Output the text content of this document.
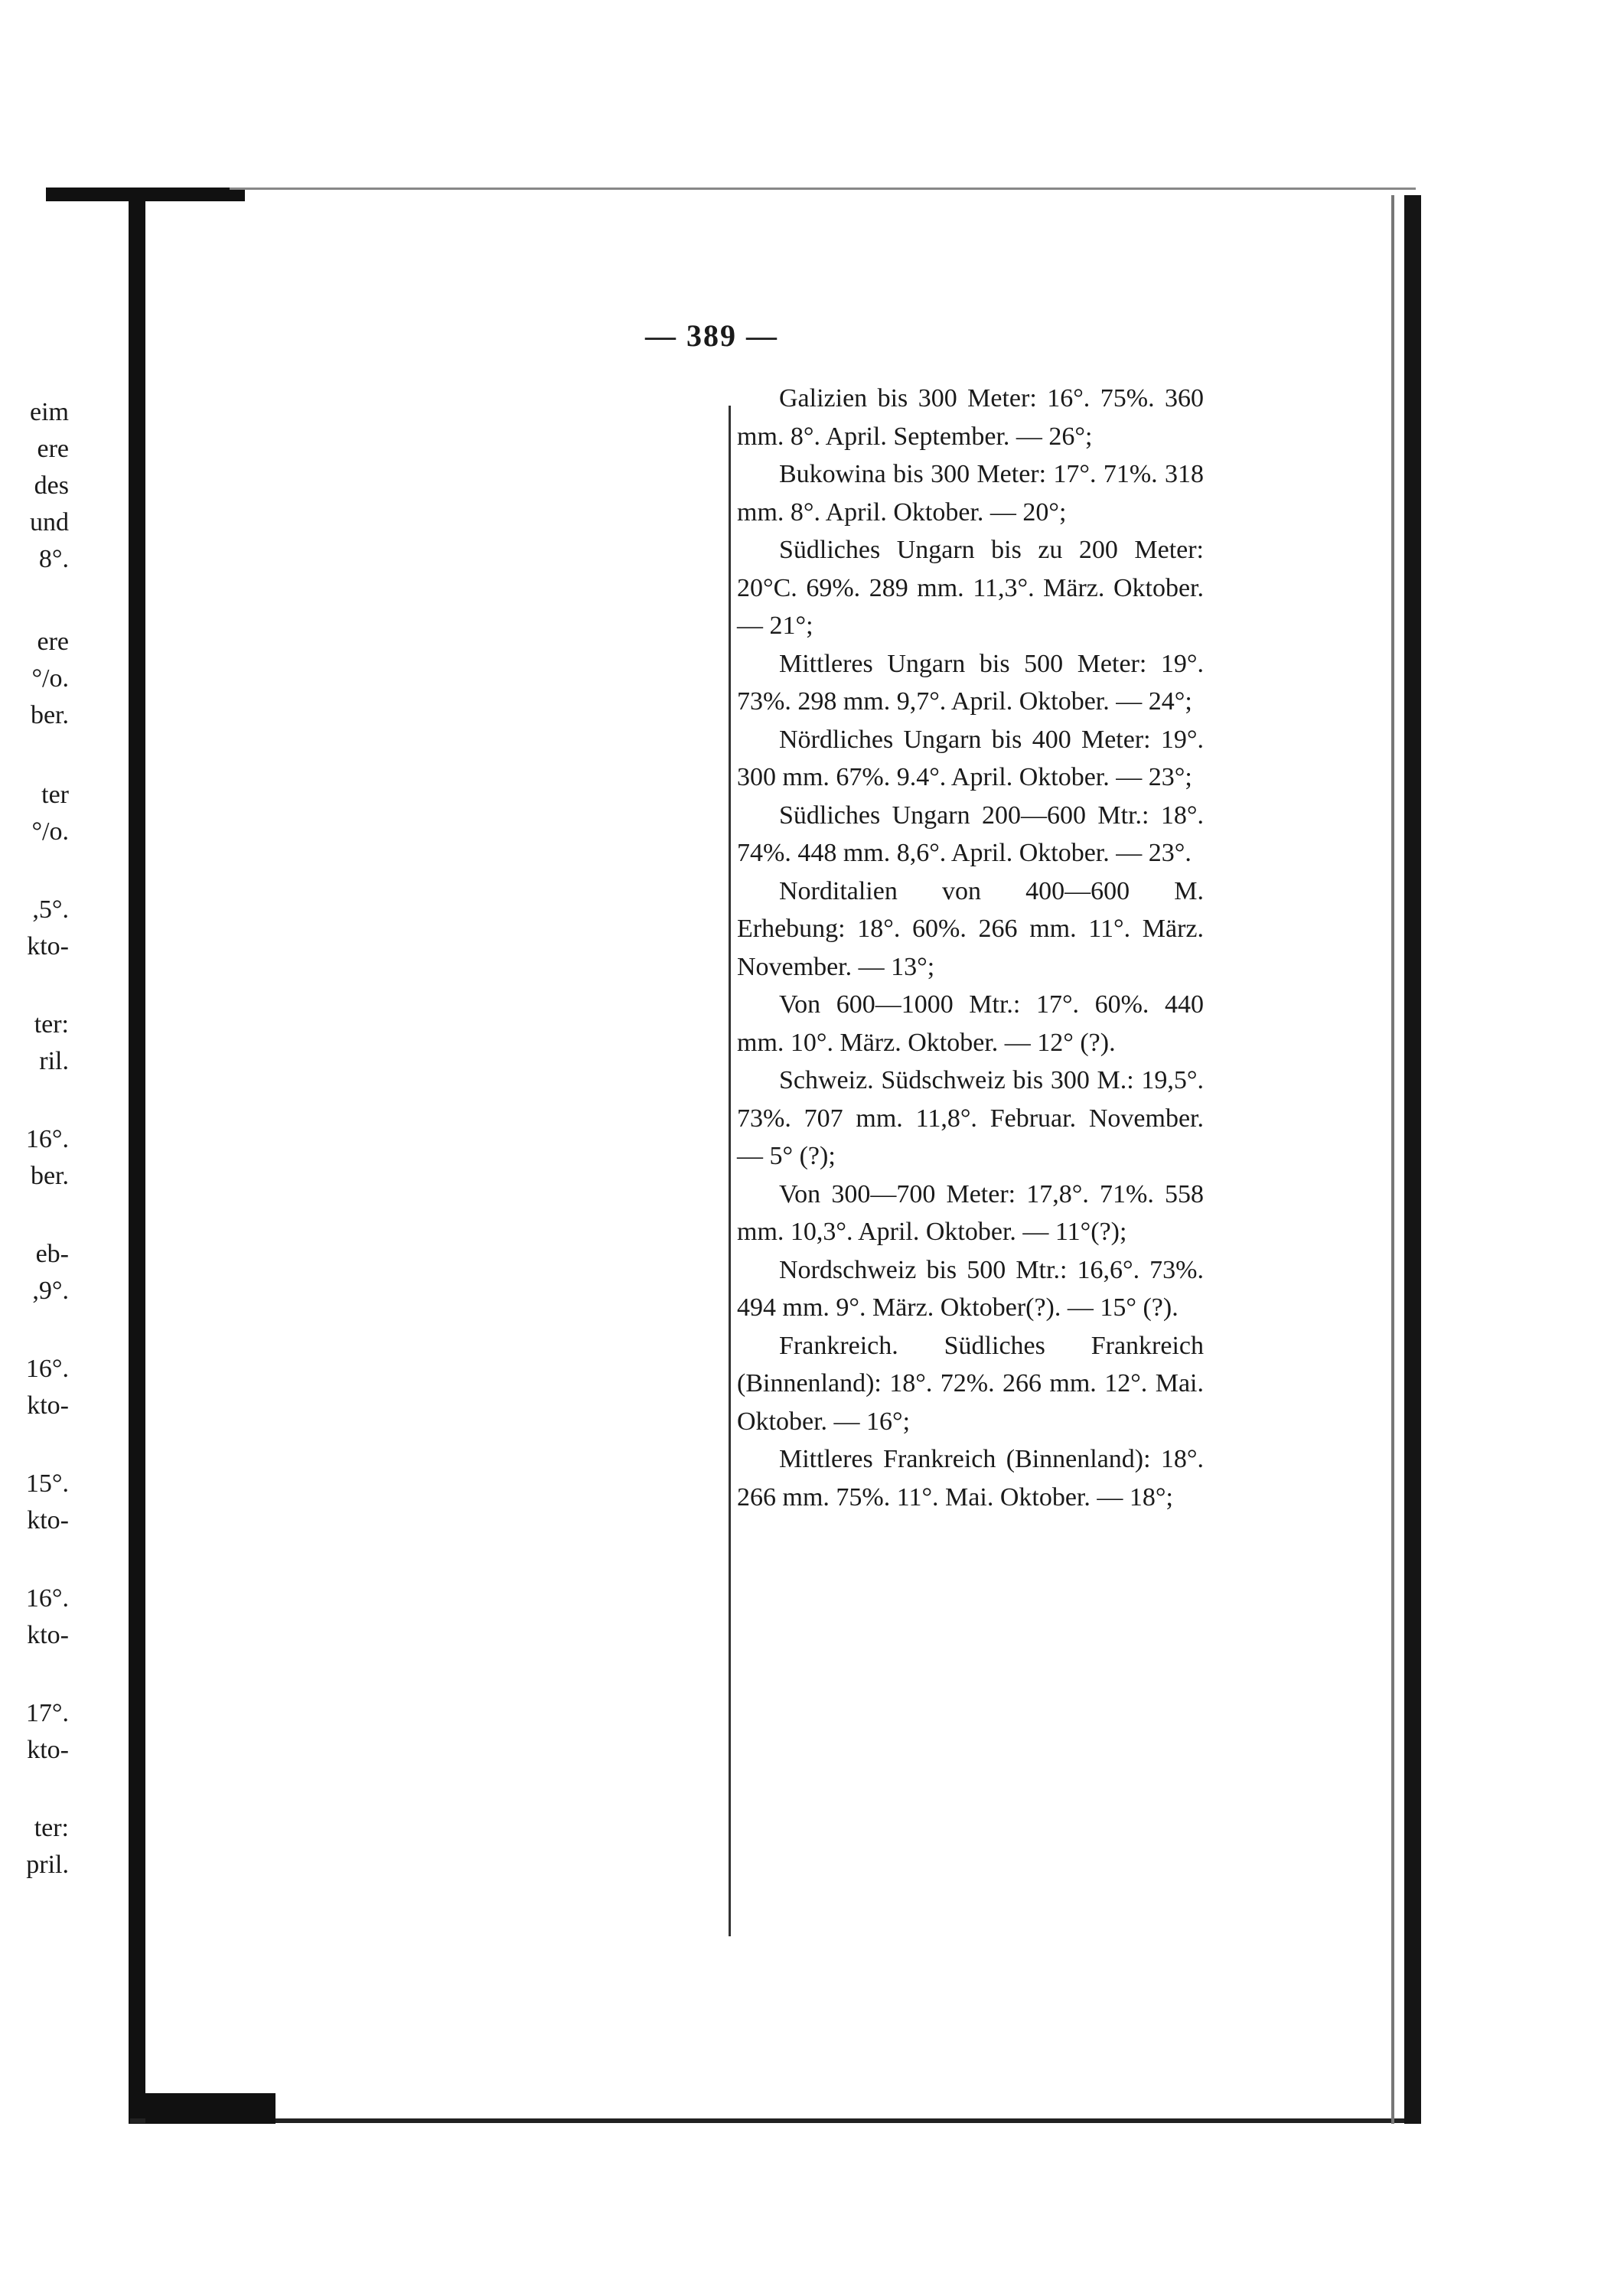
eim
ere
des
und
8°.
ere
°/o.
ber.
ter
°/o.
,5°.
kto-
ter:
ril.
16°.
ber.
eb-
,9°.
16°.
kto-
15°.
kto-
16°.
kto-
17°.
kto-
ter:
pril.
— 389 —

Galizien bis 300 Meter: 16°. 75%. 360 mm. 8°. April. September. — 26°;

Bukowina bis 300 Meter: 17°. 71%. 318 mm. 8°. April. Oktober. — 20°;

Südliches Ungarn bis zu 200 Meter: 20°C. 69%. 289 mm. 11,3°. März. Oktober. — 21°;

Mittleres Ungarn bis 500 Meter: 19°. 73%. 298 mm. 9,7°. April. Oktober. — 24°;

Nördliches Ungarn bis 400 Meter: 19°. 300 mm. 67%. 9.4°. April. Oktober. — 23°;

Südliches Ungarn 200—600 Mtr.: 18°. 74%. 448 mm. 8,6°. April. Oktober. — 23°.

Norditalien von 400—600 M. Erhebung: 18°. 60%. 266 mm. 11°. März. November. — 13°;

Von 600—1000 Mtr.: 17°. 60%. 440 mm. 10°. März. Oktober. — 12° (?).

Schweiz. Südschweiz bis 300 M.: 19,5°. 73%. 707 mm. 11,8°. Februar. November. — 5° (?);

Von 300—700 Meter: 17,8°. 71%. 558 mm. 10,3°. April. Oktober. — 11°(?);

Nordschweiz bis 500 Mtr.: 16,6°. 73%. 494 mm. 9°. März. Oktober(?). — 15° (?).

Frankreich. Südliches Frankreich (Binnenland): 18°. 72%. 266 mm. 12°. Mai. Oktober. — 16°;

Mittleres Frankreich (Binnenland): 18°. 266 mm. 75%. 11°. Mai. Oktober. — 18°;
